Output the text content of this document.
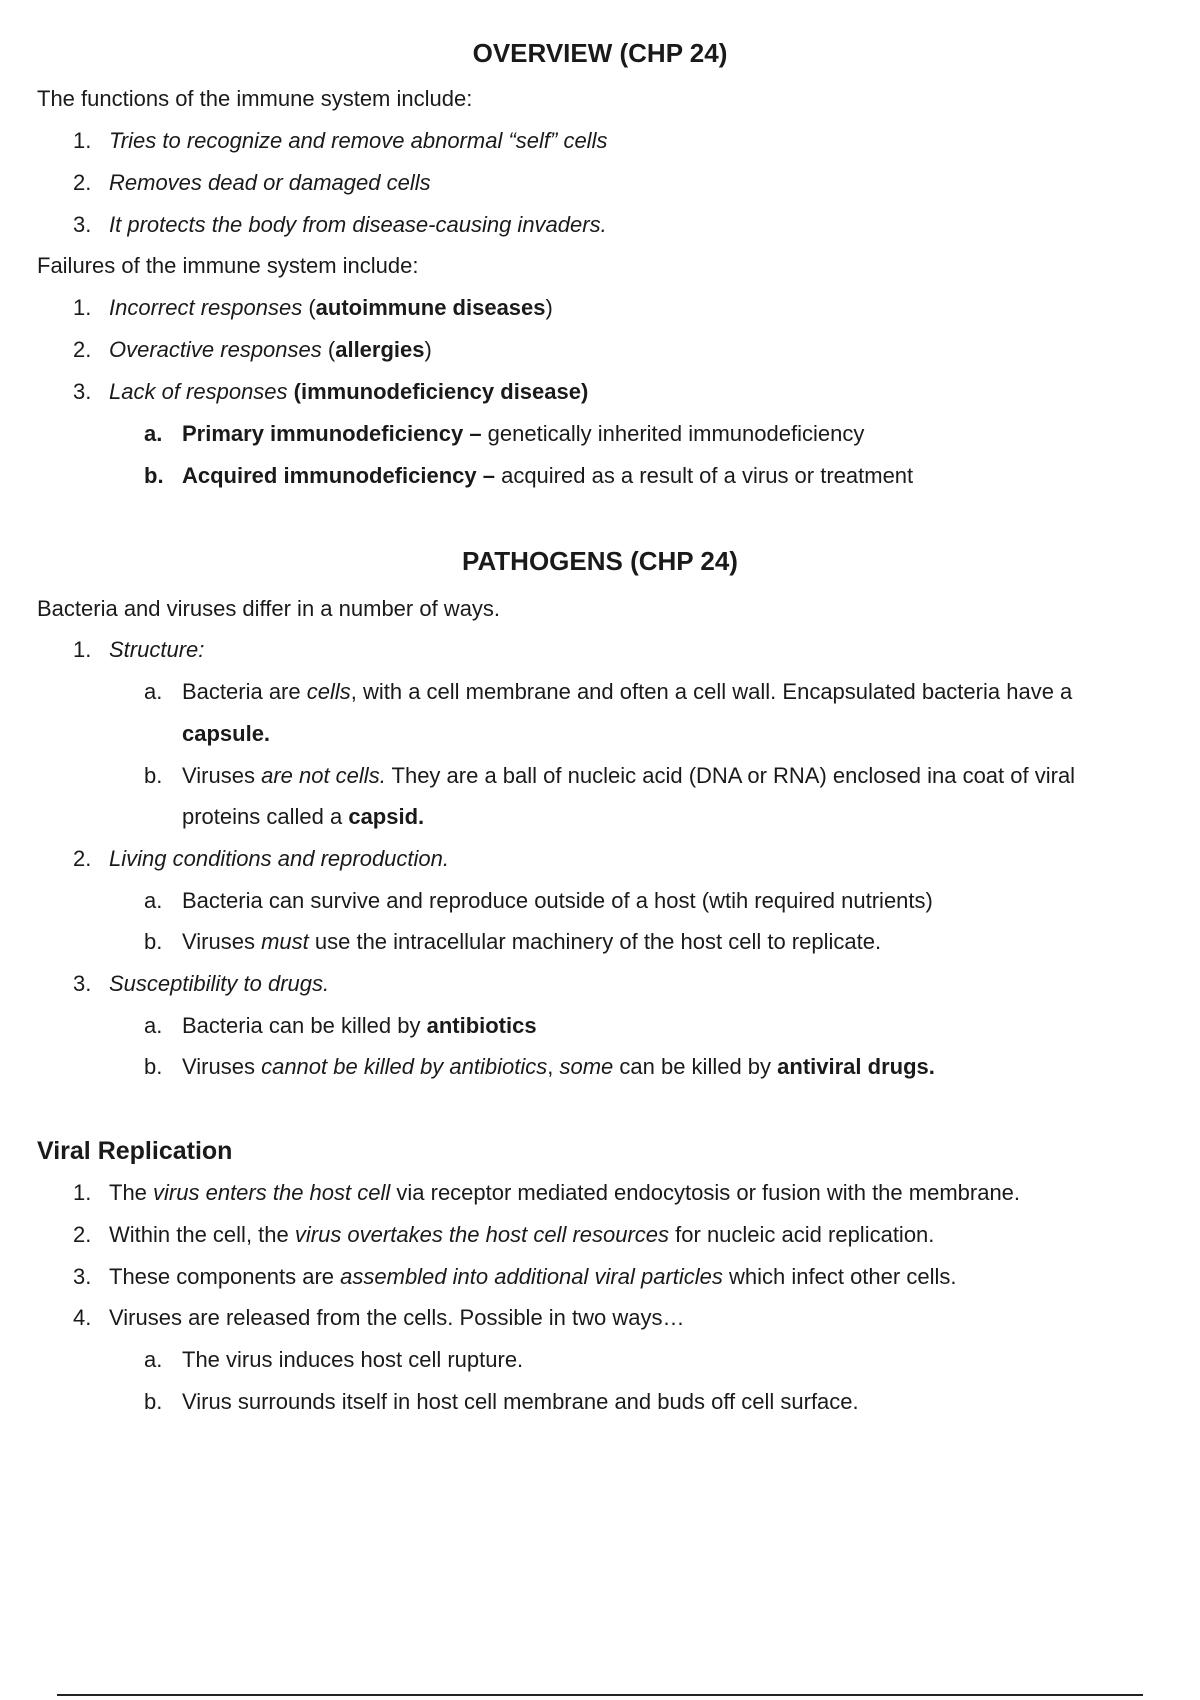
OVERVIEW (CHP 24)

The functions of the immune system include:

1. Tries to recognize and remove abnormal “self” cells

2. Removes dead or damaged cells

3. It protects the body from disease-causing invaders.

Failures of the immune system include:

1. Incorrect responses (autoimmune diseases)

2. Overactive responses (allergies)

3. Lack of responses (immunodeficiency disease)

a. Primary immunodeficiency – genetically inherited immunodeficiency

b. Acquired immunodeficiency – acquired as a result of a virus or treatment

PATHOGENS (CHP 24)

Bacteria and viruses differ in a number of ways.

1. Structure:

a. Bacteria are cells, with a cell membrane and often a cell wall. Encapsulated bacteria have a

capsule.

b. Viruses are not cells. They are a ball of nucleic acid (DNA or RNA) enclosed ina coat of viral

proteins called a capsid.

2. Living conditions and reproduction.

a. Bacteria can survive and reproduce outside of a host (wtih required nutrients)

b. Viruses must use the intracellular machinery of the host cell to replicate.

3. Susceptibility to drugs.

a. Bacteria can be killed by antibiotics

b. Viruses cannot be killed by antibiotics, some can be killed by antiviral drugs.

Viral Replication

1. The virus enters the host cell via receptor mediated endocytosis or fusion with the membrane.

2. Within the cell, the virus overtakes the host cell resources for nucleic acid replication.

3. These components are assembled into additional viral particles which infect other cells.

4. Viruses are released from the cells. Possible in two ways…

a. The virus induces host cell rupture.

b. Virus surrounds itself in host cell membrane and buds off cell surface.
